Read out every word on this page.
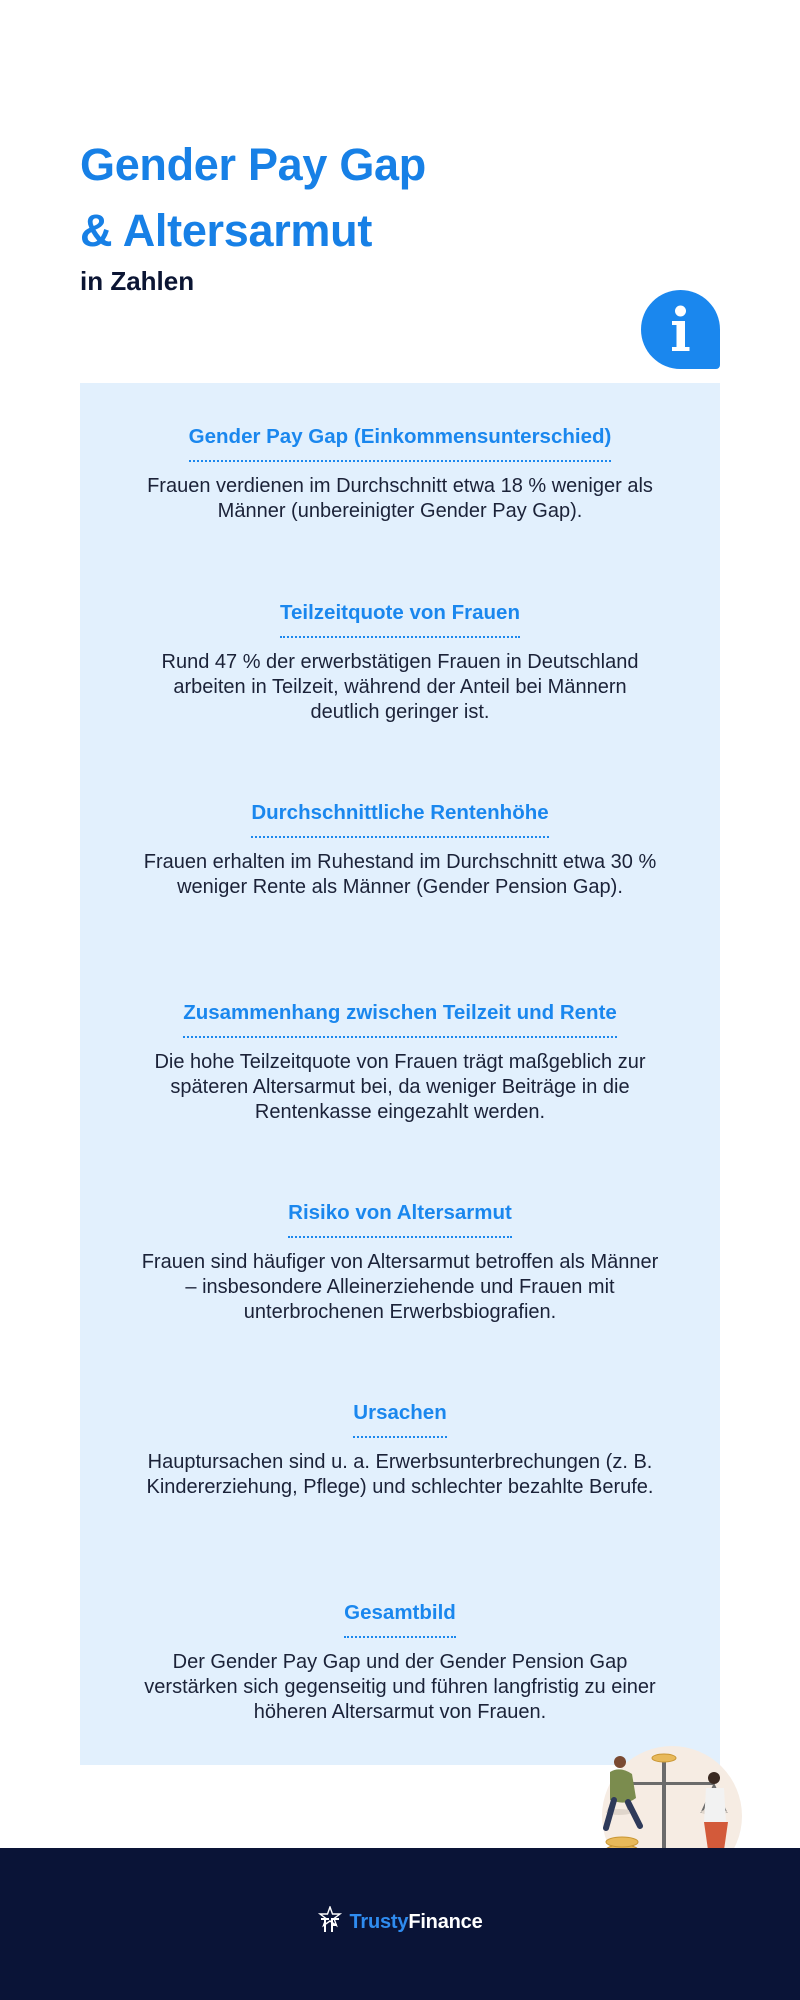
Gender Pay Gap
& Altersarmut
in Zahlen
Gender Pay Gap (Einkommensunterschied)
Frauen verdienen im Durchschnitt etwa 18 % weniger als Männer (unbereinigter Gender Pay Gap).
Teilzeitquote von Frauen
Rund 47 % der erwerbstätigen Frauen in Deutschland arbeiten in Teilzeit, während der Anteil bei Männern deutlich geringer ist.
Durchschnittliche Rentenhöhe
Frauen erhalten im Ruhestand im Durchschnitt etwa 30 % weniger Rente als Männer (Gender Pension Gap).
Zusammenhang zwischen Teilzeit und Rente
Die hohe Teilzeitquote von Frauen trägt maßgeblich zur späteren Altersarmut bei, da weniger Beiträge in die Rentenkasse eingezahlt werden.
Risiko von Altersarmut
Frauen sind häufiger von Altersarmut betroffen als Männer – insbesondere Alleinerziehende und Frauen mit unterbrochenen Erwerbsbiografien.
Ursachen
Hauptursachen sind u. a. Erwerbsunterbrechungen (z. B. Kindererziehung, Pflege) und schlechter bezahlte Berufe.
Gesamtbild
Der Gender Pay Gap und der Gender Pension Gap verstärken sich gegenseitig und führen langfristig zu einer höheren Altersarmut von Frauen.
TrustyFinance
